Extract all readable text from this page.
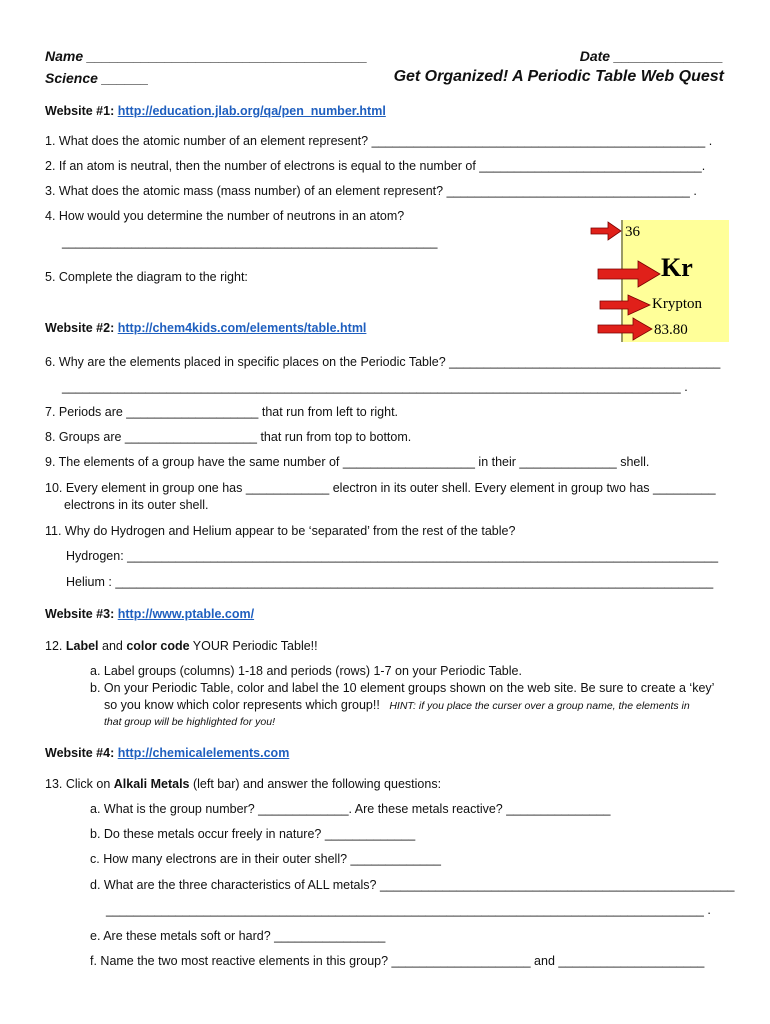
Name ____________________________________
Science ______
Date ______________
Get Organized! A Periodic Table Web Quest
Website #1: http://education.jlab.org/qa/pen_number.html
1. What does the atomic number of an element represent? ________________________________________________ .
2. If an atom is neutral, then the number of electrons is equal to the number of ________________________________.
3. What does the atomic mass (mass number) of an element represent? ___________________________________ .
4. How would you determine the number of neutrons in an atom?
______________________________________________________
5. Complete the diagram to the right:
36
Kr
Krypton
83.80
Website #2: http://chem4kids.com/elements/table.html
6. Why are the elements placed in specific places on the Periodic Table? _______________________________________
_________________________________________________________________________________________ .
7. Periods are ___________________ that run from left to right.
8. Groups are ___________________ that run from top to bottom.
9. The elements of a group have the same number of ___________________ in their ______________ shell.
10. Every element in group one has ____________ electron in its outer shell. Every element in group two has _________
electrons in its outer shell.
11. Why do Hydrogen and Helium appear to be ‘separated’ from the rest of the table?
Hydrogen: _____________________________________________________________________________________
Helium : ______________________________________________________________________________________
Website #3: http://www.ptable.com/
12. Label and color code YOUR Periodic Table!!
a. Label groups (columns) 1-18 and periods (rows) 1-7 on your Periodic Table.
b. On your Periodic Table, color and label the 10 element groups shown on the web site. Be sure to create a ‘key’
so you know which color represents which group!! HINT: if you place the curser over a group name, the elements in
that group will be highlighted for you!
Website #4: http://chemicalelements.com
13. Click on Alkali Metals (left bar) and answer the following questions:
a. What is the group number? _____________. Are these metals reactive? _______________
b. Do these metals occur freely in nature? _____________
c. How many electrons are in their outer shell? _____________
d. What are the three characteristics of ALL metals? ___________________________________________________
______________________________________________________________________________________ .
e. Are these metals soft or hard? ________________
f. Name the two most reactive elements in this group? ____________________ and _____________________
